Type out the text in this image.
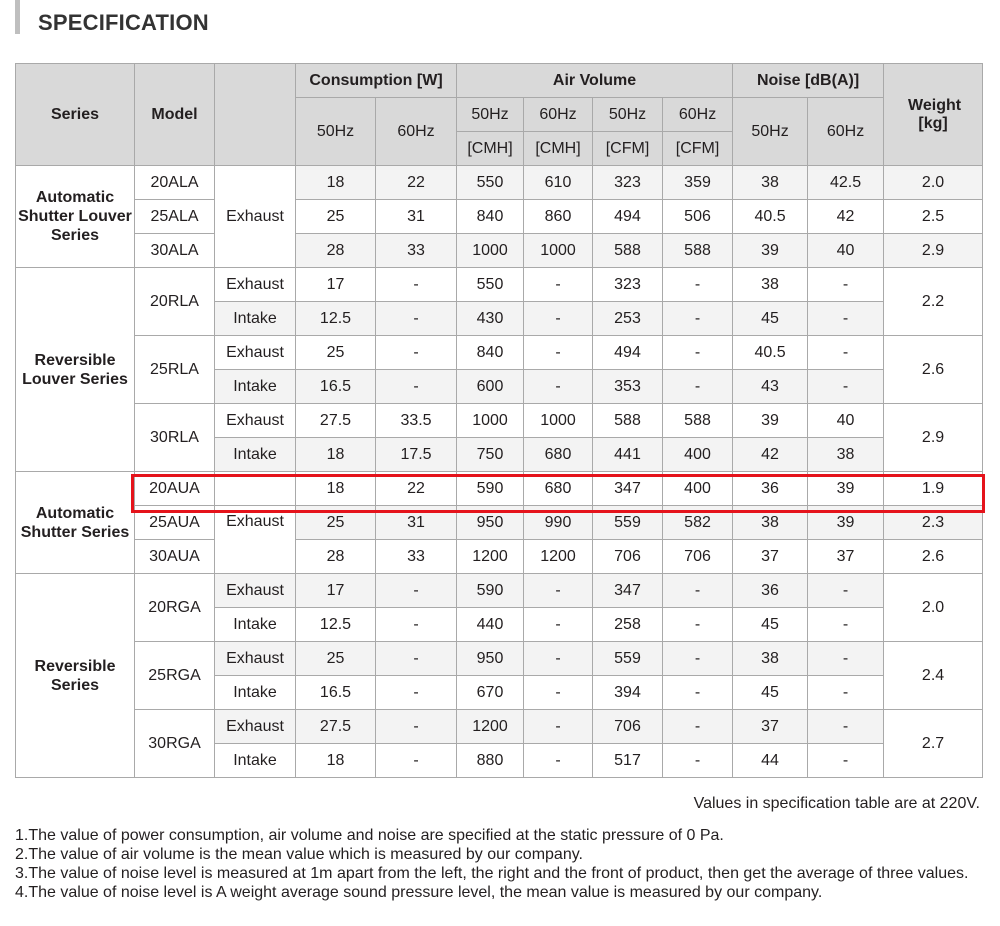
SPECIFICATION
Series	Model		Consumption [W]		Air Volume				Noise [dB(A)]		Weight [kg]
			50Hz	60Hz	50Hz	60Hz	50Hz	60Hz	50Hz	60Hz	
					[CMH]	[CMH]	[CFM]	[CFM]			
Automatic Shutter Louver Series	20ALA	Exhaust	18	22	550	610	323	359	38	42.5	2.0
	25ALA		25	31	840	860	494	506	40.5	42	2.5
	30ALA		28	33	1000	1000	588	588	39	40	2.9
Reversible Louver Series	20RLA	Exhaust	17	-	550	-	323	-	38	-	2.2
		Intake	12.5	-	430	-	253	-	45	-	
	25RLA	Exhaust	25	-	840	-	494	-	40.5	-	2.6
		Intake	16.5	-	600	-	353	-	43	-	
	30RLA	Exhaust	27.5	33.5	1000	1000	588	588	39	40	2.9
		Intake	18	17.5	750	680	441	400	42	38	
Automatic Shutter Series	20AUA		18	22	590	680	347	400	36	39	1.9
	25AUA	Exhaust	25	31	950	990	559	582	38	39	2.3
	30AUA		28	33	1200	1200	706	706	37	37	2.6
Reversible Series	20RGA	Exhaust	17	-	590	-	347	-	36	-	2.0
		Intake	12.5	-	440	-	258	-	45	-	
	25RGA	Exhaust	25	-	950	-	559	-	38	-	2.4
		Intake	16.5	-	670	-	394	-	45	-	
	30RGA	Exhaust	27.5	-	1200	-	706	-	37	-	2.7
		Intake	18	-	880	-	517	-	44	-	
Values in specification table are at 220V.
1.The value of power consumption, air volume and noise are specified at the static pressure of 0 Pa.
2.The value of air volume is the mean value which is measured by our company.
3.The value of noise level is measured at 1m apart from the left, the right and the front of product, then get the average of three values.
4.The value of noise level is A weight average sound pressure level, the mean value is measured by our company.
